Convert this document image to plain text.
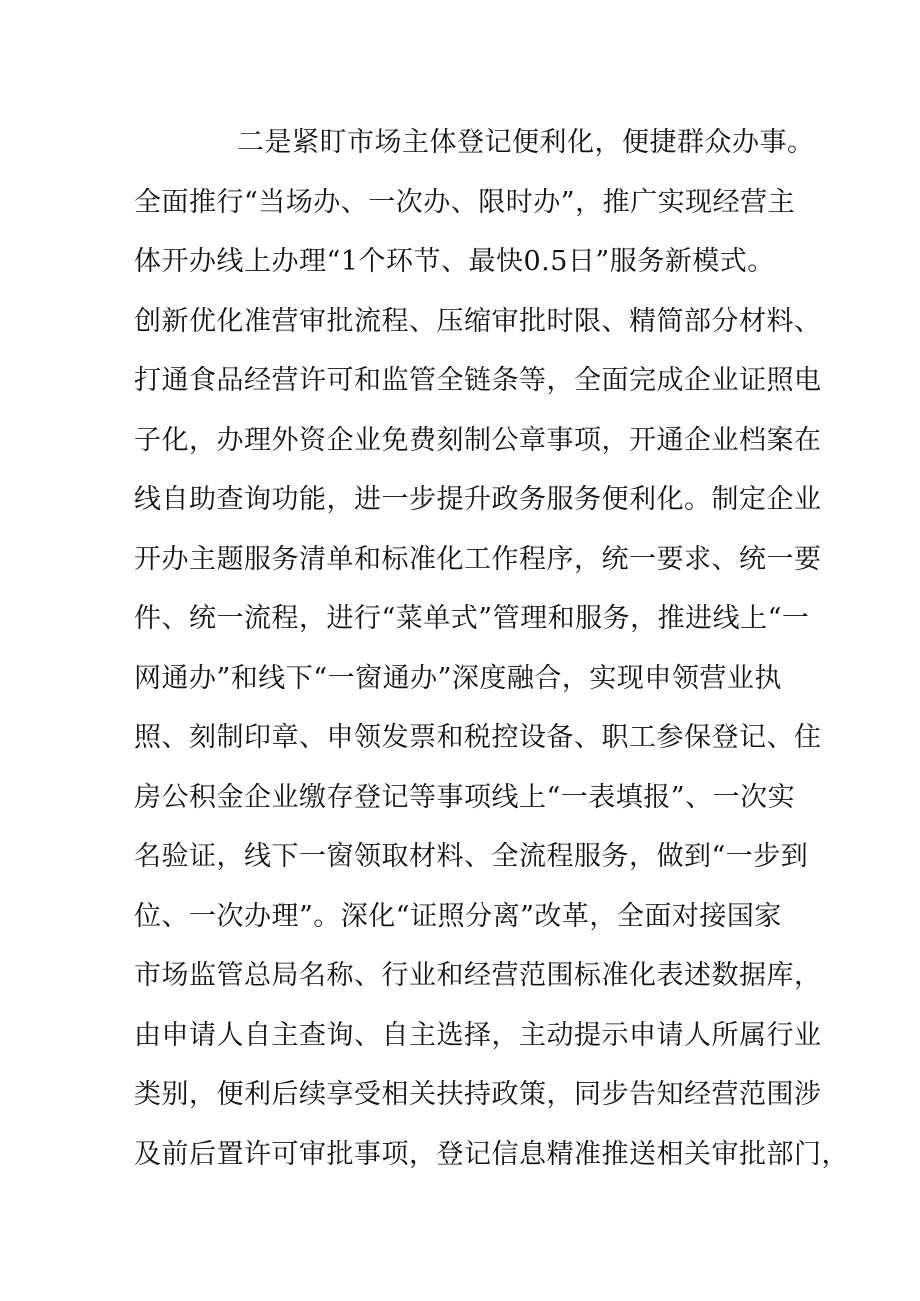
二是紧盯市场主体登记便利化，便捷群众办事。
全面推行“当场办、一次办、限时办”，推广实现经营主
体开办线上办理“1个环节、最快0.5日”服务新模式。
创新优化准营审批流程、压缩审批时限、精简部分材料、
打通食品经营许可和监管全链条等，全面完成企业证照电
子化，办理外资企业免费刻制公章事项，开通企业档案在
线自助查询功能，进一步提升政务服务便利化。制定企业
开办主题服务清单和标准化工作程序，统一要求、统一要
件、统一流程，进行“菜单式”管理和服务，推进线上“一
网通办”和线下“一窗通办”深度融合，实现申领营业执
照、刻制印章、申领发票和税控设备、职工参保登记、住
房公积金企业缴存登记等事项线上“一表填报”、一次实
名验证，线下一窗领取材料、全流程服务，做到“一步到
位、一次办理”。深化“证照分离”改革，全面对接国家
市场监管总局名称、行业和经营范围标准化表述数据库，
由申请人自主查询、自主选择，主动提示申请人所属行业
类别，便利后续享受相关扶持政策，同步告知经营范围涉
及前后置许可审批事项，登记信息精准推送相关审批部门，
